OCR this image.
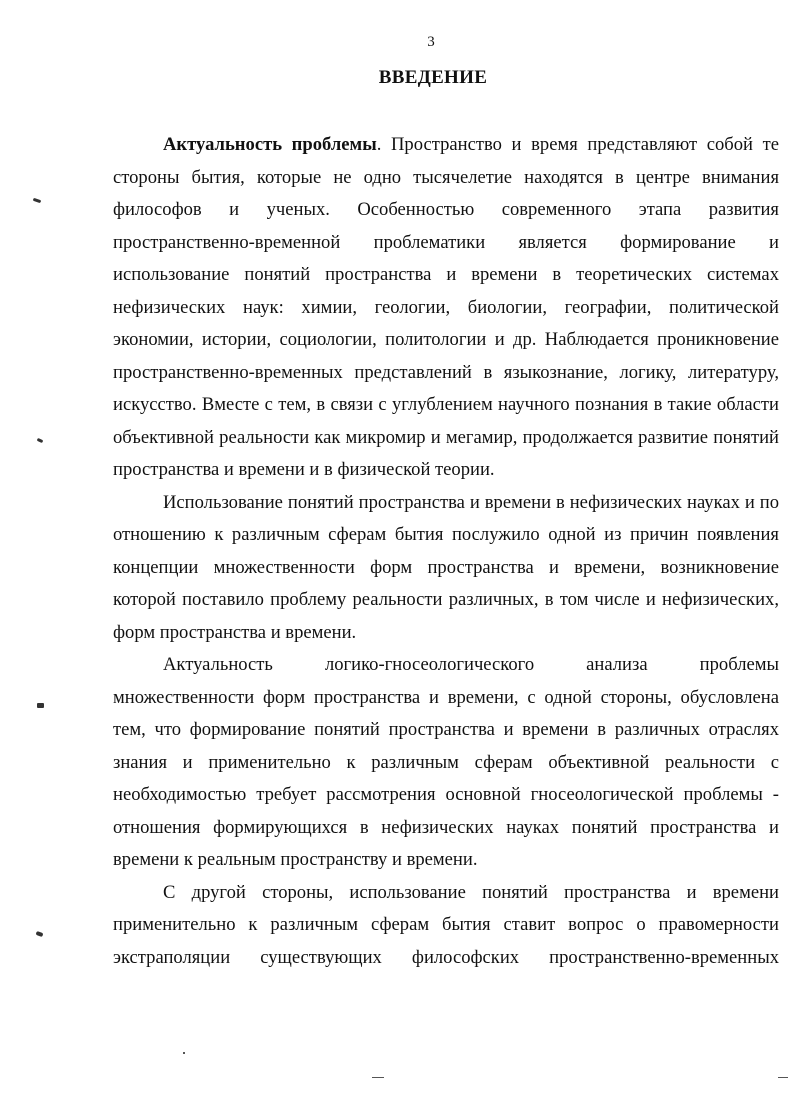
3
ВВЕДЕНИЕ

Актуальность проблемы. Пространство и время представляют собой те стороны бытия, которые не одно тысячелетие находятся в центре внимания философов и ученых. Особенностью современного этапа развития пространственно-временной проблематики является формирование и использование понятий пространства и времени в теоретических системах нефизических наук: химии, геологии, биологии, географии, политической экономии, истории, социологии, политологии и др. Наблюдается проникновение пространственно-временных представлений в языкознание, логику, литературу, искусство. Вместе с тем, в связи с углублением научного познания в такие области объективной реальности как микромир и мегамир, продолжается развитие понятий пространства и времени и в физической теории.

Использование понятий пространства и времени в нефизических науках и по отношению к различным сферам бытия послужило одной из причин появления концепции множественности форм пространства и времени, возникновение которой поставило проблему реальности различных, в том числе и нефизических, форм пространства и времени.

Актуальность логико-гносеологического анализа проблемы множественности форм пространства и времени, с одной стороны, обусловлена тем, что формирование понятий пространства и времени в различных отраслях знания и применительно к различным сферам объективной реальности с необходимостью требует рассмотрения основной гносеологической проблемы - отношения формирующихся в нефизических науках понятий пространства и времени к реальным пространству и времени.

С другой стороны, использование понятий пространства и времени применительно к различным сферам бытия ставит вопрос о правомерности экстраполяции существующих философских пространственно-временных
